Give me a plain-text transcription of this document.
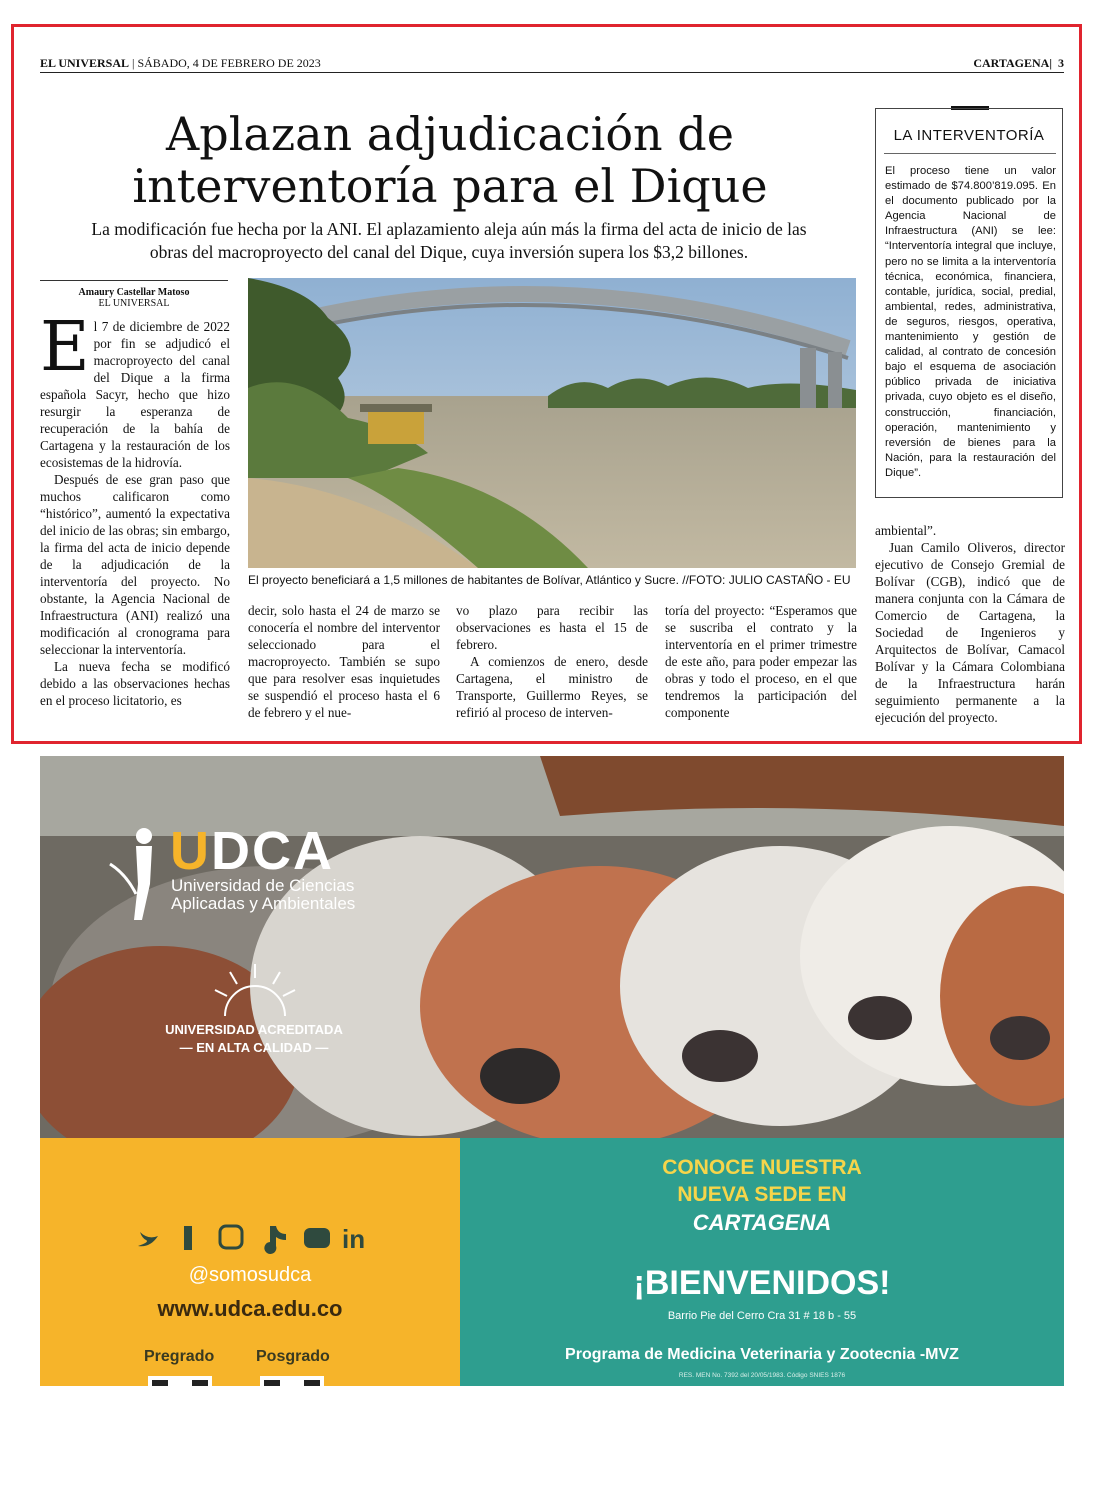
EL UNIVERSAL | SÁBADO, 4 DE FEBRERO DE 2023	CARTAGENA|  3
Aplazan adjudicación de
interventoría para el Dique
La modificación fue hecha por la ANI. El aplazamiento aleja aún más la firma del acta de inicio de las
obras del macroproyecto del canal del Dique, cuya inversión supera los $3,2 billones.
Amaury Castellar Matoso
EL UNIVERSAL

El 7 de diciembre de 2022 por fin se adjudicó el macroproyecto del canal del Dique a la firma española Sacyr, hecho que hizo resurgir la esperanza de recuperación de la bahía de Cartagena y la restauración de los ecosistemas de la hidrovía.

Después de ese gran paso que muchos calificaron como “histórico”, aumentó la expectativa del inicio de las obras; sin embargo, la firma del acta de inicio depende de la adjudicación de la interventoría del proyecto. No obstante, la Agencia Nacional de Infraestructura (ANI) realizó una modificación al cronograma para seleccionar la interventoría.

La nueva fecha se modificó debido a las observaciones hechas en el proceso licitatorio, es

El proyecto beneficiará a 1,5 millones de habitantes de Bolívar, Atlántico y Sucre. //FOTO: JULIO CASTAÑO - EU

decir, solo hasta el 24 de marzo se conocería el nombre del interventor seleccionado para el macroproyecto. También se supo que para resolver esas inquietudes se suspendió el proceso hasta el 6 de febrero y el nue-

vo plazo para recibir las observaciones es hasta el 15 de febrero.

A comienzos de enero, desde Cartagena, el ministro de Transporte, Guillermo Reyes, se refirió al proceso de interven-

toría del proyecto: “Esperamos que se suscriba el contrato y la interventoría en el primer trimestre de este año, para poder empezar las obras y todo el proceso, en el que tendremos la participación del componente

ambiental”.

Juan Camilo Oliveros, director ejecutivo de Consejo Gremial de Bolívar (CGB), indicó que de manera conjunta con la Cámara de Comercio de Cartagena, la Sociedad de Ingenieros y Arquitectos de Bolívar, Camacol Bolívar y la Cámara Colombiana de la Infraestructura harán seguimiento permanente a la ejecución del proyecto.

LA INTERVENTORÍA
El proceso tiene un valor estimado de $74.800’819.095. En el documento publicado por la Agencia Nacional de Infraestructura (ANI) se lee: “Interventoría integral que incluye, pero no se limita a la interventoría técnica, económica, financiera, contable, jurídica, social, predial, ambiental, redes, administrativa, de seguros, riesgos, operativa, mantenimiento y gestión de calidad, al contrato de concesión bajo el esquema de asociación público privada de iniciativa privada, cuyo objeto es el diseño, construcción, financiación, operación, mantenimiento y reversión de bienes para la Nación, para la restauración del Dique”.
UDCA
Universidad de Ciencias
Aplicadas y Ambientales
UNIVERSIDAD ACREDITADA
— EN ALTA CALIDAD —
in
@somosudca
www.udca.edu.co
Pregrado	Posgrado
CONOCE NUESTRA
NUEVA SEDE EN
CARTAGENA
¡BIENVENIDOS!
Barrio Pie del Cerro Cra 31 # 18 b - 55
Programa de Medicina Veterinaria y Zootecnia -MVZ
RES. MEN No. 7392 del 20/05/1983. Código SNIES 1876
